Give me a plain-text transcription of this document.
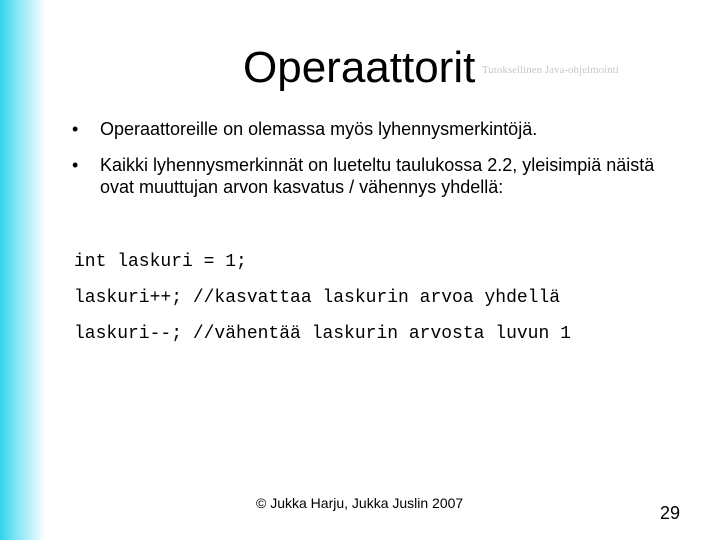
Operaattorit Tutoksellinen Java-ohjelmointi
• Operaattoreille on olemassa myös lyhennysmerkintöjä.
• Kaikki lyhennysmerkinnät on lueteltu taulukossa 2.2, yleisimpiä näistä ovat muuttujan arvon kasvatus / vähennys yhdellä:
int laskuri = 1;
laskuri++; //kasvattaa laskurin arvoa yhdellä
laskuri--; //vähentää laskurin arvosta luvun 1
© Jukka Harju, Jukka Juslin 2007	29
